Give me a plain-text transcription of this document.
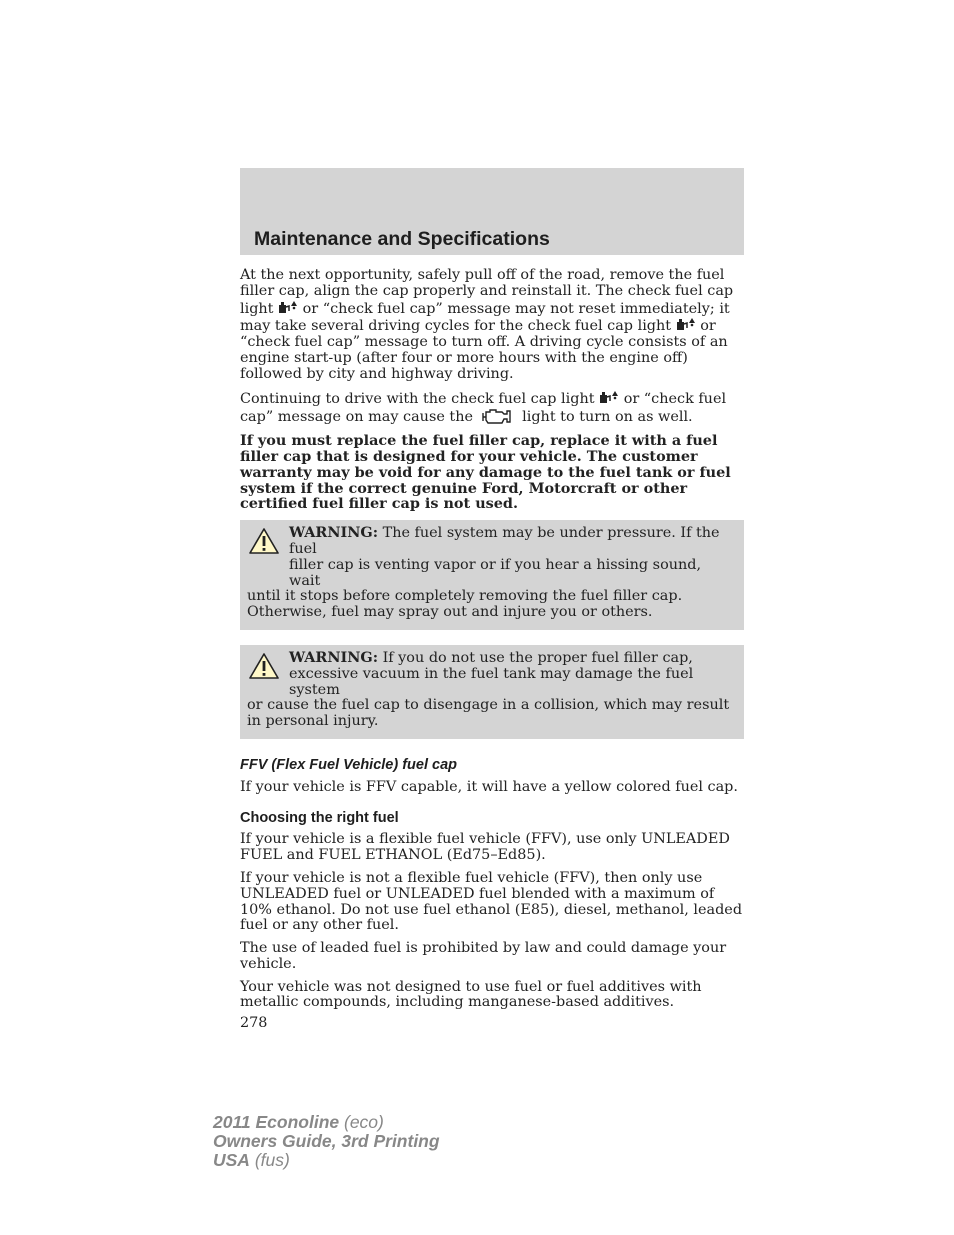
Maintenance and Specifications

At the next opportunity, safely pull off of the road, remove the fuel filler cap, align the cap properly and reinstall it. The check fuel cap light or “check fuel cap” message may not reset immediately; it may take several driving cycles for the check fuel cap light or “check fuel cap” message to turn off. A driving cycle consists of an engine start-up (after four or more hours with the engine off) followed by city and highway driving.

Continuing to drive with the check fuel cap light or “check fuel cap” message on may cause the	light to turn on as well.

If you must replace the fuel filler cap, replace it with a fuel filler cap that is designed for your vehicle. The customer warranty may be void for any damage to the fuel tank or fuel system if the correct genuine Ford, Motorcraft or other certified fuel filler cap is not used.

WARNING: The fuel system may be under pressure. If the fuel
filler cap is venting vapor or if you hear a hissing sound, wait
until it stops before completely removing the fuel filler cap. Otherwise, fuel may spray out and injure you or others.
WARNING: If you do not use the proper fuel filler cap,
excessive vacuum in the fuel tank may damage the fuel system
or cause the fuel cap to disengage in a collision, which may result in personal injury.
FFV (Flex Fuel Vehicle) fuel cap

If your vehicle is FFV capable, it will have a yellow colored fuel cap.

Choosing the right fuel

If your vehicle is a flexible fuel vehicle (FFV), use only UNLEADED FUEL and FUEL ETHANOL (Ed75–Ed85).

If your vehicle is not a flexible fuel vehicle (FFV), then only use UNLEADED fuel or UNLEADED fuel blended with a maximum of 10% ethanol. Do not use fuel ethanol (E85), diesel, methanol, leaded fuel or any other fuel.

The use of leaded fuel is prohibited by law and could damage your vehicle.

Your vehicle was not designed to use fuel or fuel additives with metallic compounds, including manganese-based additives.

278

2011 Econoline (eco)
Owners Guide, 3rd Printing
USA (fus)
